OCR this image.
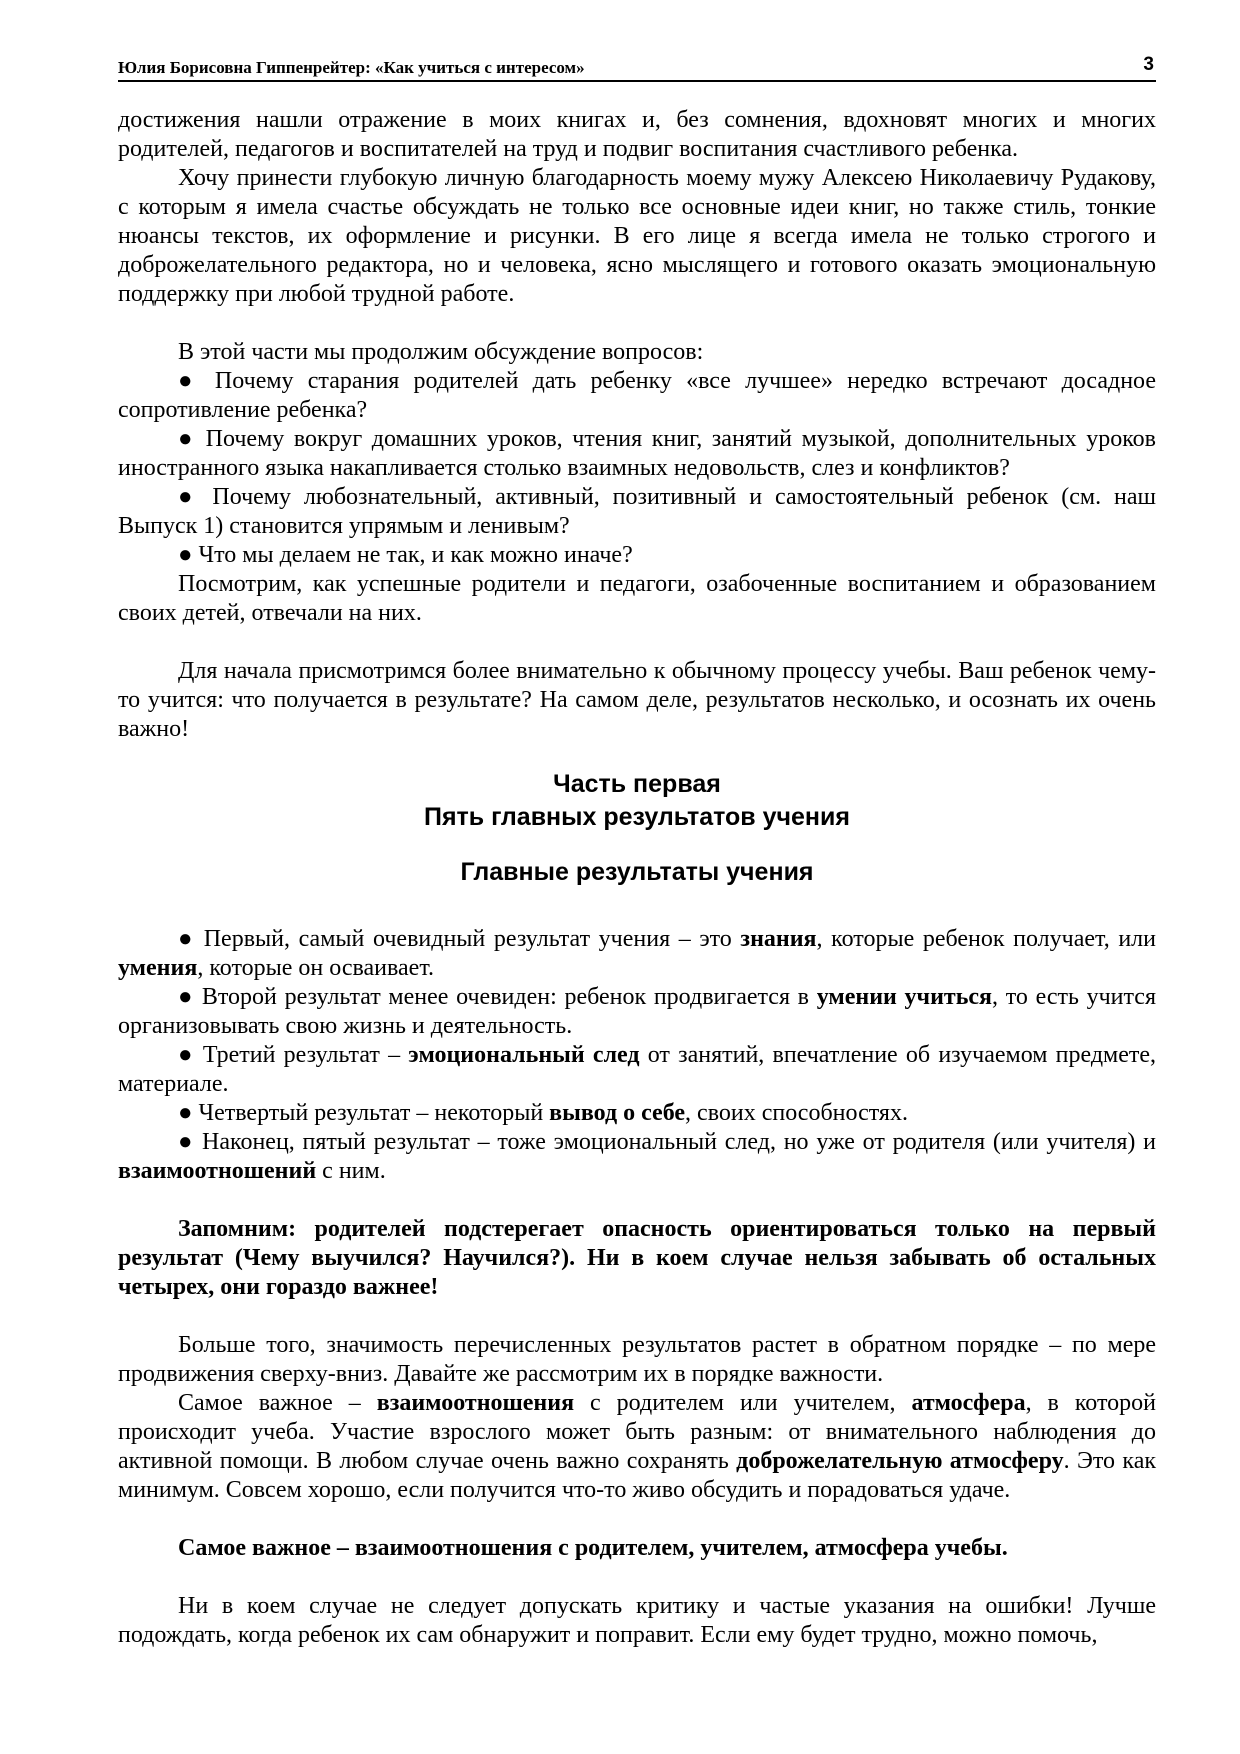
Юлия Борисовна Гиппенрейтер: «Как учиться с интересом»	3

достижения нашли отражение в моих книгах и, без сомнения, вдохновят многих и многих родителей, педагогов и воспитателей на труд и подвиг воспитания счастливого ребенка.

Хочу принести глубокую личную благодарность моему мужу Алексею Николаевичу Рудакову, с которым я имела счастье обсуждать не только все основные идеи книг, но также стиль, тонкие нюансы текстов, их оформление и рисунки. В его лице я всегда имела не только строгого и доброжелательного редактора, но и человека, ясно мыслящего и готового оказать эмоциональную поддержку при любой трудной работе.

В этой части мы продолжим обсуждение вопросов:

● Почему старания родителей дать ребенку «все лучшее» нередко встречают досадное сопротивление ребенка?

● Почему вокруг домашних уроков, чтения книг, занятий музыкой, дополнительных уроков иностранного языка накапливается столько взаимных недовольств, слез и конфликтов?

● Почему любознательный, активный, позитивный и самостоятельный ребенок (см. наш Выпуск 1) становится упрямым и ленивым?

● Что мы делаем не так, и как можно иначе?

Посмотрим, как успешные родители и педагоги, озабоченные воспитанием и образованием своих детей, отвечали на них.

Для начала присмотримся более внимательно к обычному процессу учебы. Ваш ребенок чему-то учится: что получается в результате? На самом деле, результатов несколько, и осознать их очень важно!

Часть первая
Пять главных результатов учения
Главные результаты учения

● Первый, самый очевидный результат учения – это знания, которые ребенок получает, или умения, которые он осваивает.

● Второй результат менее очевиден: ребенок продвигается в умении учиться, то есть учится организовывать свою жизнь и деятельность.

● Третий результат – эмоциональный след от занятий, впечатление об изучаемом предмете, материале.

● Четвертый результат – некоторый вывод о себе, своих способностях.

● Наконец, пятый результат – тоже эмоциональный след, но уже от родителя (или учителя) и взаимоотношений с ним.

Запомним: родителей подстерегает опасность ориентироваться только на первый результат (Чему выучился? Научился?). Ни в коем случае нельзя забывать об остальных четырех, они гораздо важнее!

Больше того, значимость перечисленных результатов растет в обратном порядке – по мере продвижения сверху-вниз. Давайте же рассмотрим их в порядке важности.

Самое важное – взаимоотношения с родителем или учителем, атмосфера, в которой происходит учеба. Участие взрослого может быть разным: от внимательного наблюдения до активной помощи. В любом случае очень важно сохранять доброжелательную атмосферу. Это как минимум. Совсем хорошо, если получится что-то живо обсудить и порадоваться удаче.

Самое важное – взаимоотношения с родителем, учителем, атмосфера учебы.

Ни в коем случае не следует допускать критику и частые указания на ошибки! Лучше подождать, когда ребенок их сам обнаружит и поправит. Если ему будет трудно, можно помочь,
